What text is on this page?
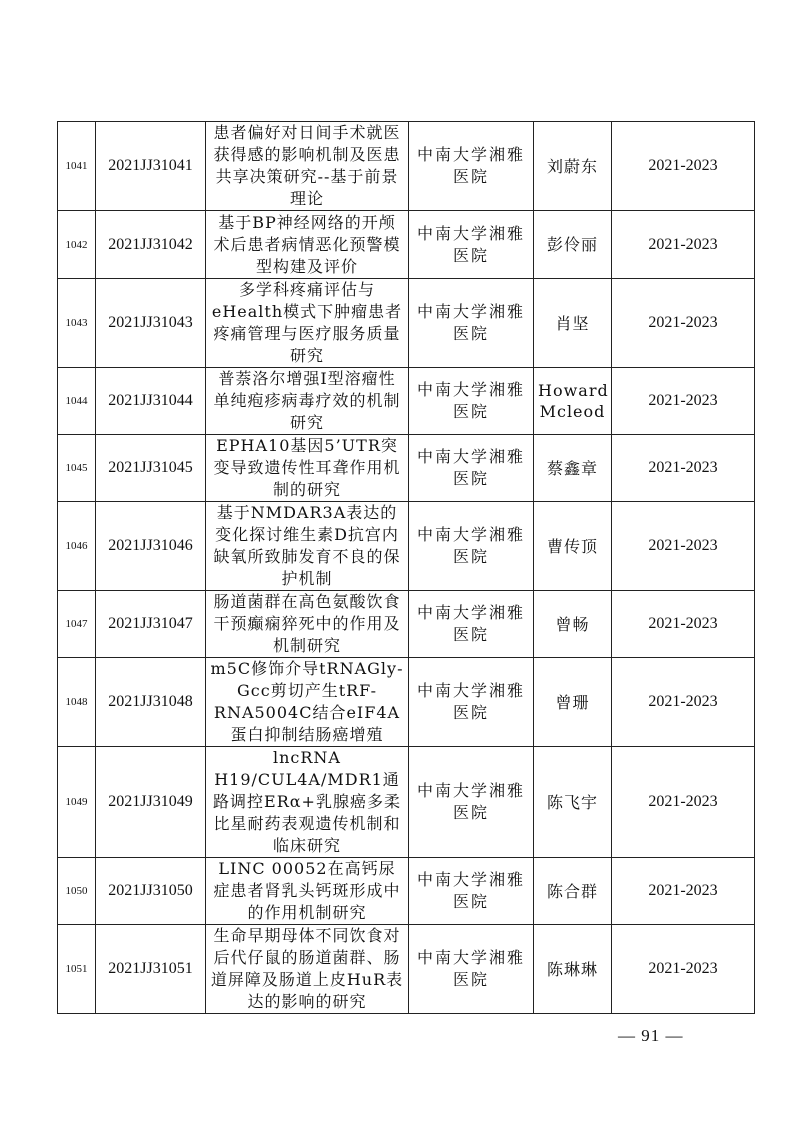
1041	2021JJ31041	患者偏好对日间手术就医获得感的影响机制及医患共享决策研究--基于前景理论	中南大学湘雅医院	刘蔚东	2021-2023
1042	2021JJ31042	基于BP神经网络的开颅术后患者病情恶化预警模型构建及评价	中南大学湘雅医院	彭伶丽	2021-2023
1043	2021JJ31043	多学科疼痛评估与eHealth模式下肿瘤患者疼痛管理与医疗服务质量研究	中南大学湘雅医院	肖坚	2021-2023
1044	2021JJ31044	普萘洛尔增强I型溶瘤性单纯疱疹病毒疗效的机制研究	中南大学湘雅医院	Howard Mcleod	2021-2023
1045	2021JJ31045	EPHA10基因5’UTR突变导致遗传性耳聋作用机制的研究	中南大学湘雅医院	蔡鑫章	2021-2023
1046	2021JJ31046	基于NMDAR3A表达的变化探讨维生素D抗宫内缺氧所致肺发育不良的保护机制	中南大学湘雅医院	曹传顶	2021-2023
1047	2021JJ31047	肠道菌群在高色氨酸饮食干预癫痫猝死中的作用及机制研究	中南大学湘雅医院	曾畅	2021-2023
1048	2021JJ31048	m5C修饰介导tRNAGly-Gcc剪切产生tRF-RNA5004C结合eIF4A蛋白抑制结肠癌增殖	中南大学湘雅医院	曾珊	2021-2023
1049	2021JJ31049	lncRNA H19/CUL4A/MDR1通路调控ERα+乳腺癌多柔比星耐药表观遗传机制和临床研究	中南大学湘雅医院	陈飞宇	2021-2023
1050	2021JJ31050	LINC 00052在高钙尿症患者肾乳头钙斑形成中的作用机制研究	中南大学湘雅医院	陈合群	2021-2023
1051	2021JJ31051	生命早期母体不同饮食对后代仔鼠的肠道菌群、肠道屏障及肠道上皮HuR表达的影响的研究	中南大学湘雅医院	陈琳琳	2021-2023
— 91 —
